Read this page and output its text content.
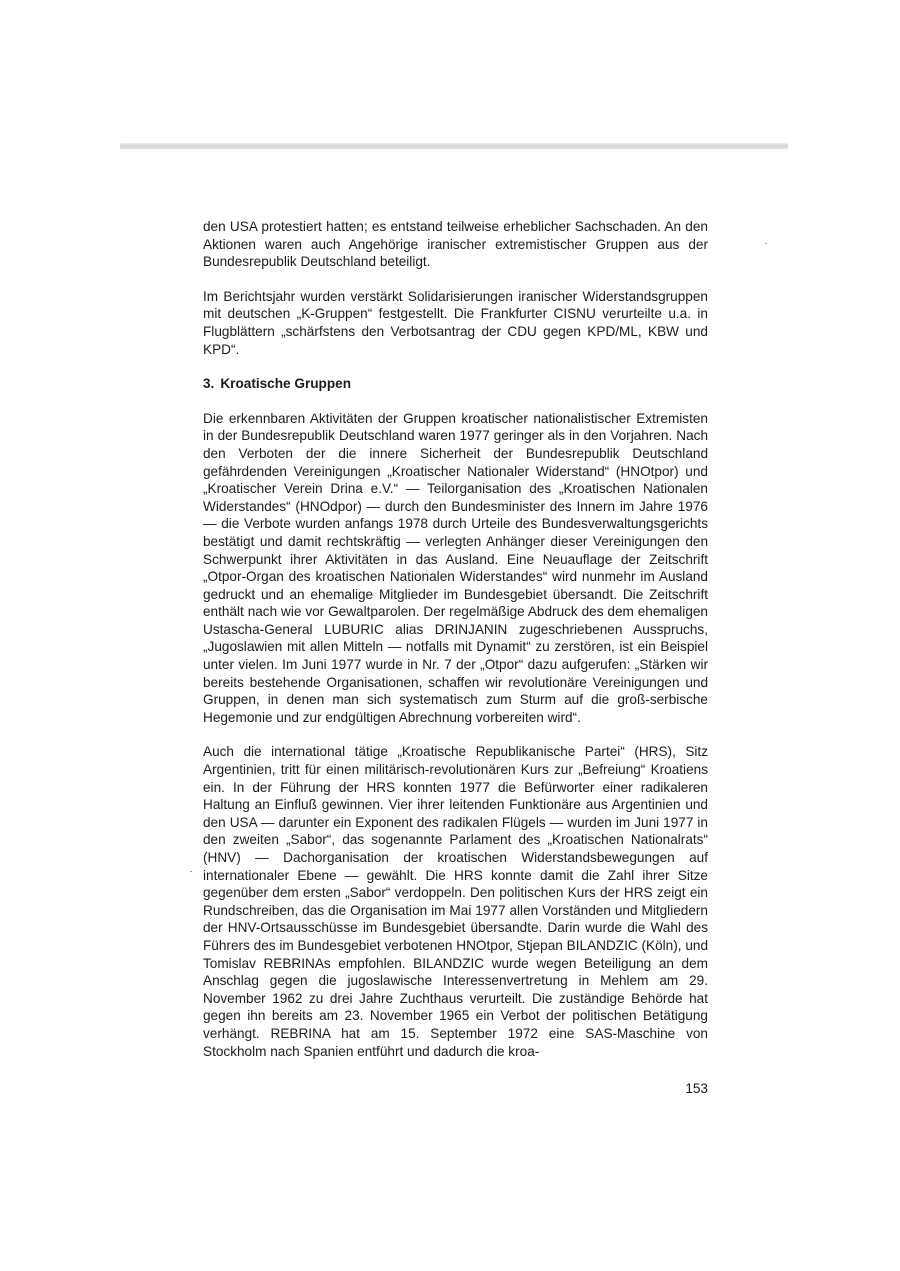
den USA protestiert hatten; es entstand teilweise erheblicher Sachschaden. An den Aktionen waren auch Angehörige iranischer extremistischer Gruppen aus der Bundesrepublik Deutschland beteiligt.

Im Berichtsjahr wurden verstärkt Solidarisierungen iranischer Widerstandsgruppen mit deutschen „K-Gruppen“ festgestellt. Die Frankfurter CISNU verurteilte u.a. in Flugblättern „schärfstens den Verbotsantrag der CDU gegen KPD/ML, KBW und KPD“.

3. Kroatische Gruppen

Die erkennbaren Aktivitäten der Gruppen kroatischer nationalistischer Extremisten in der Bundesrepublik Deutschland waren 1977 geringer als in den Vorjahren. Nach den Verboten der die innere Sicherheit der Bundesrepublik Deutschland gefährdenden Vereinigungen „Kroatischer Nationaler Widerstand“ (HNOtpor) und „Kroatischer Verein Drina e.V.“ — Teilorganisation des „Kroatischen Nationalen Widerstandes“ (HNOdpor) — durch den Bundesminister des Innern im Jahre 1976 — die Verbote wurden anfangs 1978 durch Urteile des Bundesverwaltungsgerichts bestätigt und damit rechtskräftig — verlegten Anhänger dieser Vereinigungen den Schwerpunkt ihrer Aktivitäten in das Ausland. Eine Neuauflage der Zeitschrift „Otpor-Organ des kroatischen Nationalen Widerstandes“ wird nunmehr im Ausland gedruckt und an ehemalige Mitglieder im Bundesgebiet übersandt. Die Zeitschrift enthält nach wie vor Gewaltparolen. Der regelmäßige Abdruck des dem ehemaligen Ustascha-General LUBURIC alias DRINJANIN zugeschriebenen Ausspruchs, „Jugoslawien mit allen Mitteln — notfalls mit Dynamit“ zu zerstören, ist ein Beispiel unter vielen. Im Juni 1977 wurde in Nr. 7 der „Otpor“ dazu aufgerufen: „Stärken wir bereits bestehende Organisationen, schaffen wir revolutionäre Vereinigungen und Gruppen, in denen man sich systematisch zum Sturm auf die groß-serbische Hegemonie und zur endgültigen Abrechnung vorbereiten wird“.

Auch die international tätige „Kroatische Republikanische Partei“ (HRS), Sitz Argentinien, tritt für einen militärisch-revolutionären Kurs zur „Befreiung“ Kroatiens ein. In der Führung der HRS konnten 1977 die Befürworter einer radikaleren Haltung an Einfluß gewinnen. Vier ihrer leitenden Funktionäre aus Argentinien und den USA — darunter ein Exponent des radikalen Flügels — wurden im Juni 1977 in den zweiten „Sabor“, das sogenannte Parlament des „Kroatischen Nationalrats“ (HNV) — Dachorganisation der kroatischen Widerstandsbewegungen auf internationaler Ebene — gewählt. Die HRS konnte damit die Zahl ihrer Sitze gegenüber dem ersten „Sabor“ verdoppeln. Den politischen Kurs der HRS zeigt ein Rundschreiben, das die Organisation im Mai 1977 allen Vorständen und Mitgliedern der HNV-Ortsausschüsse im Bundesgebiet übersandte. Darin wurde die Wahl des Führers des im Bundesgebiet verbotenen HNOtpor, Stjepan BILANDZIC (Köln), und Tomislav REBRINAs empfohlen. BILANDZIC wurde wegen Beteiligung an dem Anschlag gegen die jugoslawische Interessenvertretung in Mehlem am 29. November 1962 zu drei Jahre Zuchthaus verurteilt. Die zuständige Behörde hat gegen ihn bereits am 23. November 1965 ein Verbot der politischen Betätigung verhängt. REBRINA hat am 15. September 1972 eine SAS-Maschine von Stockholm nach Spanien entführt und dadurch die kroa-

153
